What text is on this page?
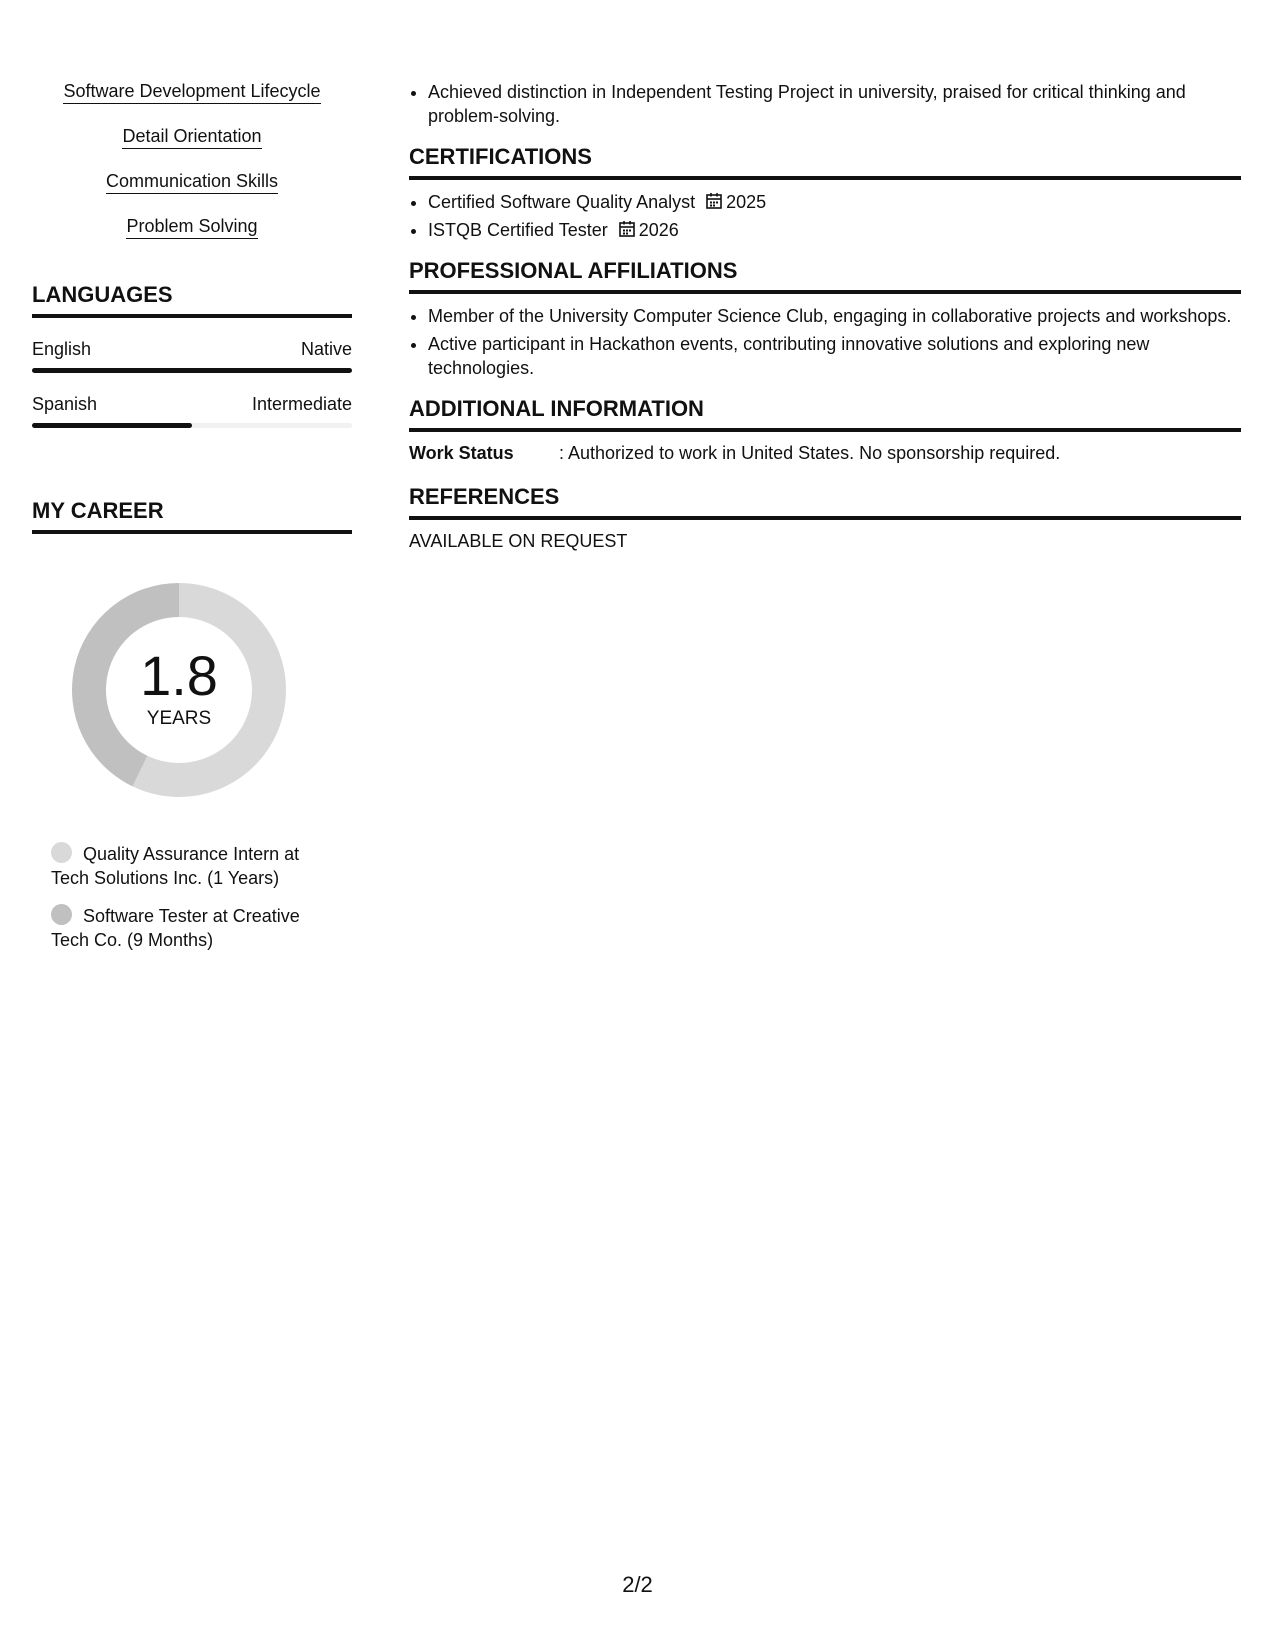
Software Development Lifecycle
Detail Orientation
Communication Skills
Problem Solving
LANGUAGES
English	Native
Spanish	Intermediate
MY CAREER
1.8
YEARS
Quality Assurance Intern at Tech Solutions Inc. (1 Years)
Software Tester at Creative Tech Co. (9 Months)
• Achieved distinction in Independent Testing Project in university, praised for critical thinking and problem-solving.
CERTIFICATIONS
• Certified Software Quality Analyst 2025
• ISTQB Certified Tester 2026
PROFESSIONAL AFFILIATIONS
• Member of the University Computer Science Club, engaging in collaborative projects and workshops.
• Active participant in Hackathon events, contributing innovative solutions and exploring new technologies.
ADDITIONAL INFORMATION
Work Status	: Authorized to work in United States. No sponsorship required.
REFERENCES
AVAILABLE ON REQUEST
2/2
